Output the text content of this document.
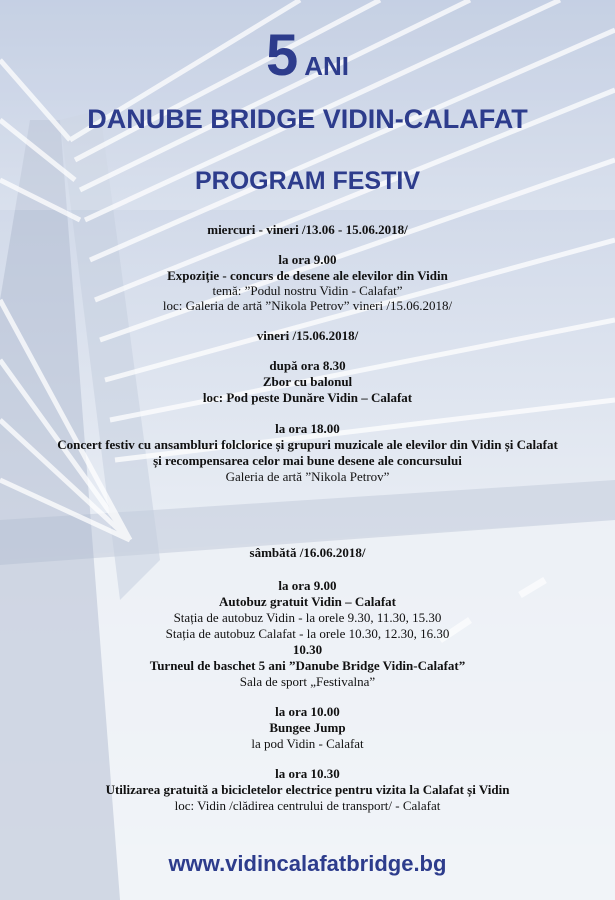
5 ANI
DANUBE BRIDGE VIDIN-CALAFAT
PROGRAM FESTIV
miercuri - vineri /13.06 - 15.06.2018/
la ora 9.00
Expoziție - concurs de desene ale elevilor din Vidin
temă: ”Podul nostru Vidin - Calafat”
loc: Galeria de artă ”Nikola Petrov” vineri /15.06.2018/
vineri /15.06.2018/
după ora 8.30
Zbor cu balonul
loc: Pod peste Dunăre Vidin – Calafat
la ora 18.00
Concert festiv cu ansambluri folclorice și grupuri muzicale ale elevilor din Vidin și Calafat
și recompensarea celor mai bune desene ale concursului
Galeria de artă ”Nikola Petrov”
sâmbătă /16.06.2018/
la ora 9.00
Autobuz gratuit Vidin – Calafat
Stația de autobuz Vidin - la orele 9.30, 11.30, 15.30
Stația de autobuz Calafat - la orele 10.30, 12.30, 16.30
10.30
Turneul de baschet 5 ani ”Danube Bridge Vidin-Calafat”
Sala de sport „Festivalna”
la ora 10.00
Bungee Jump
la pod Vidin - Calafat
la ora 10.30
Utilizarea gratuită a bicicletelor electrice pentru vizita la Calafat și Vidin
loc: Vidin /clădirea centrului de transport/ - Calafat
www.vidincalafatbridge.bg
